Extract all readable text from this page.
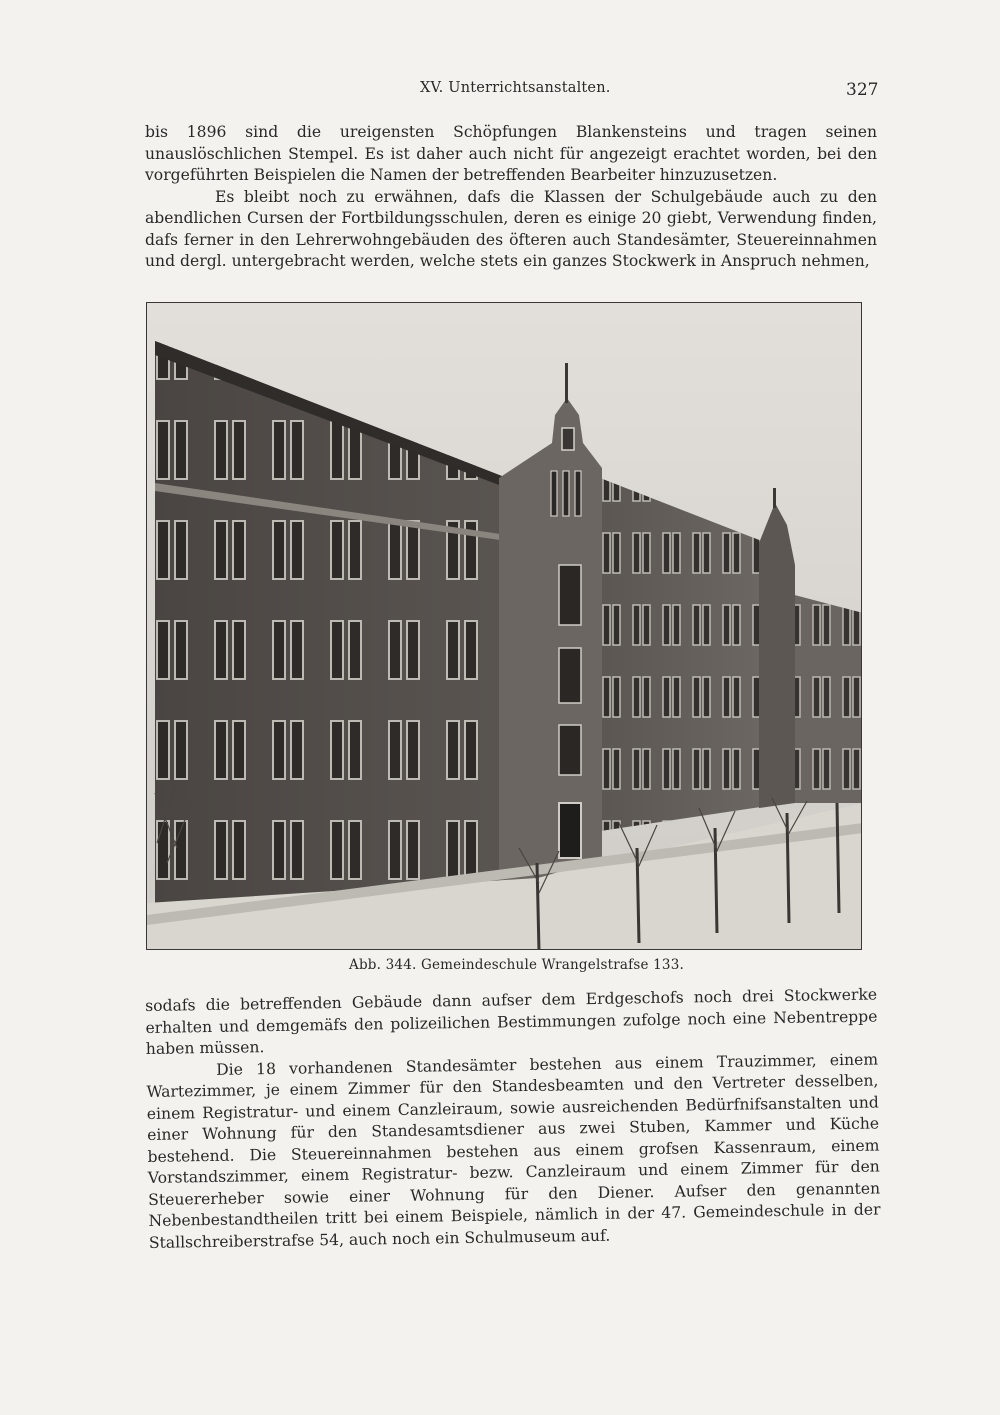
XV. Unterrichtsanstalten.	327

bis 1896 sind die ureigensten Schöpfungen Blankensteins und tragen seinen unauslöschlichen Stempel. Es ist daher auch nicht für angezeigt erachtet worden, bei den vorgeführten Beispielen die Namen der betreffenden Bearbeiter hinzuzusetzen.

Es bleibt noch zu erwähnen, dafs die Klassen der Schulgebäude auch zu den abendlichen Cursen der Fortbildungsschulen, deren es einige 20 giebt, Verwendung finden, dafs ferner in den Lehrerwohngebäuden des öfteren auch Standesämter, Steuereinnahmen und dergl. untergebracht werden, welche stets ein ganzes Stockwerk in Anspruch nehmen,

Abb. 344. Gemeindeschule Wrangelstrafse 133.

sodafs die betreffenden Gebäude dann aufser dem Erdgeschofs noch drei Stockwerke erhalten und demgemäfs den polizeilichen Bestimmungen zufolge noch eine Nebentreppe haben müssen.

Die 18 vorhandenen Standesämter bestehen aus einem Trauzimmer, einem Wartezimmer, je einem Zimmer für den Standesbeamten und den Vertreter desselben, einem Registratur- und einem Canzleiraum, sowie ausreichenden Bedürfnifsanstalten und einer Wohnung für den Standesamtsdiener aus zwei Stuben, Kammer und Küche bestehend. Die Steuereinnahmen bestehen aus einem grofsen Kassenraum, einem Vorstandszimmer, einem Registratur- bezw. Canzleiraum und einem Zimmer für den Steuererheber sowie einer Wohnung für den Diener. Aufser den genannten Nebenbestandtheilen tritt bei einem Beispiele, nämlich in der 47. Gemeindeschule in der Stallschreiberstrafse 54, auch noch ein Schulmuseum auf.
